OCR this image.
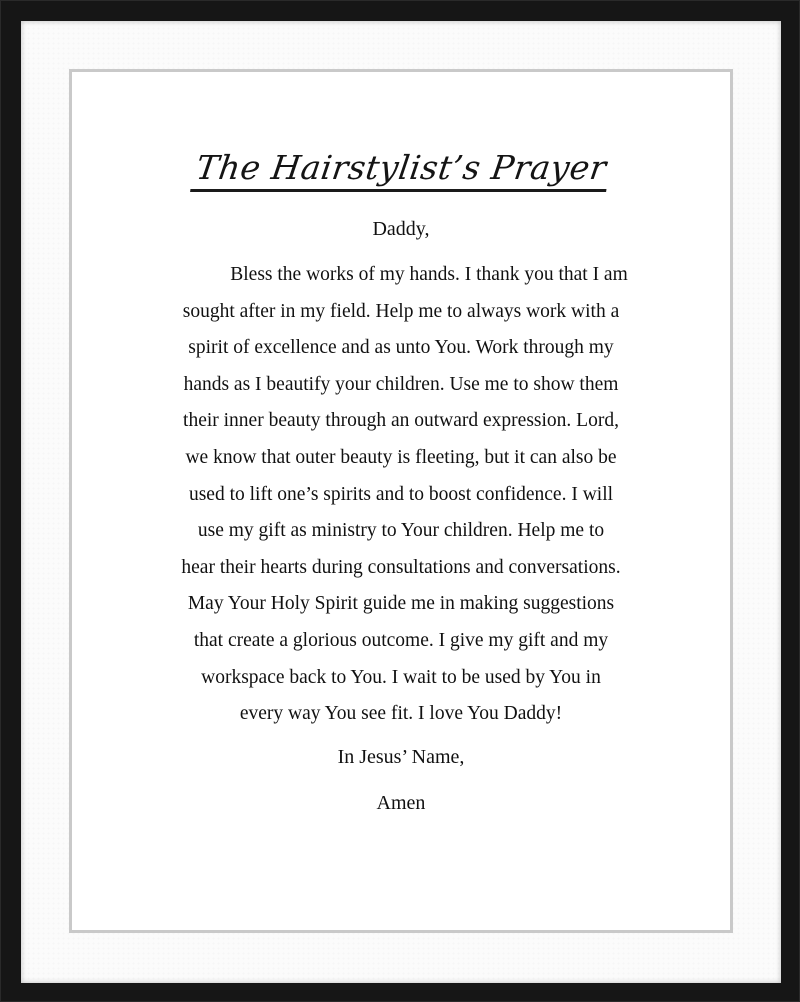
The Hairstylist’s Prayer
Daddy,
Bless the works of my hands. I thank you that I am
sought after in my field. Help me to always work with a
spirit of excellence and as unto You. Work through my
hands as I beautify your children. Use me to show them
their inner beauty through an outward expression. Lord,
we know that outer beauty is fleeting, but it can also be
used to lift one’s spirits and to boost confidence. I will
use my gift as ministry to Your children. Help me to
hear their hearts during consultations and conversations.
May Your Holy Spirit guide me in making suggestions
that create a glorious outcome. I give my gift and my
workspace back to You. I wait to be used by You in
every way You see fit. I love You Daddy!
In Jesus’ Name,
Amen
